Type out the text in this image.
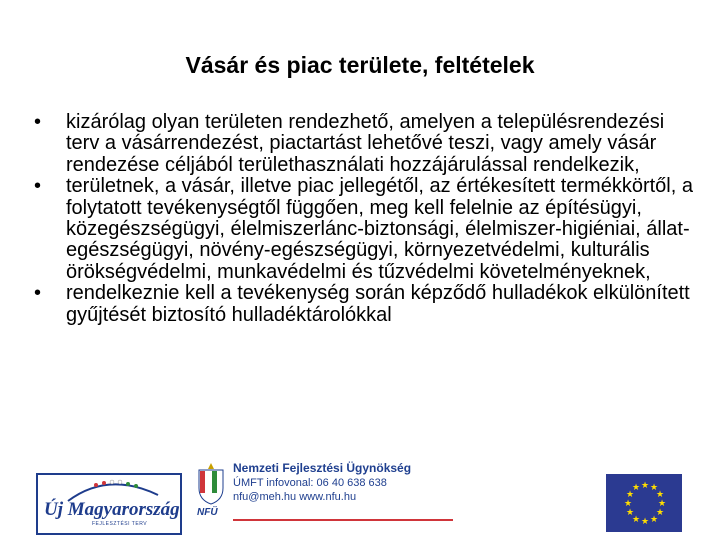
Vásár és piac területe, feltételek
• kizárólag olyan területen rendezhető, amelyen a településrendezési terv a vásárrendezést, piactartást lehetővé teszi, vagy amely vásár rendezése céljából területhasználati hozzájárulással rendelkezik,
• területnek, a vásár, illetve piac jellegétől, az értékesített termékkörtől, a folytatott tevékenységtől függően, meg kell felelnie az építésügyi, közegészségügyi, élelmiszerlánc-biztonsági, élelmiszer-higiéniai, állat-egészségügyi, növény-egészségügyi, környezetvédelmi, kulturális örökségvédelmi, munkavédelmi és tűzvédelmi követelményeknek,
• rendelkeznie kell a tevékenység során képződő hulladékok elkülönített gyűjtését biztosító hulladéktárolókkal
Új Magyarország
FEJLESZTÉSI TERV
NFÜ
Nemzeti Fejlesztési Ügynökség
ÚMFT infovonal: 06 40 638 638
nfu@meh.hu www.nfu.hu
★ ★
★
★
★
★
★
★
★
★
★
★
